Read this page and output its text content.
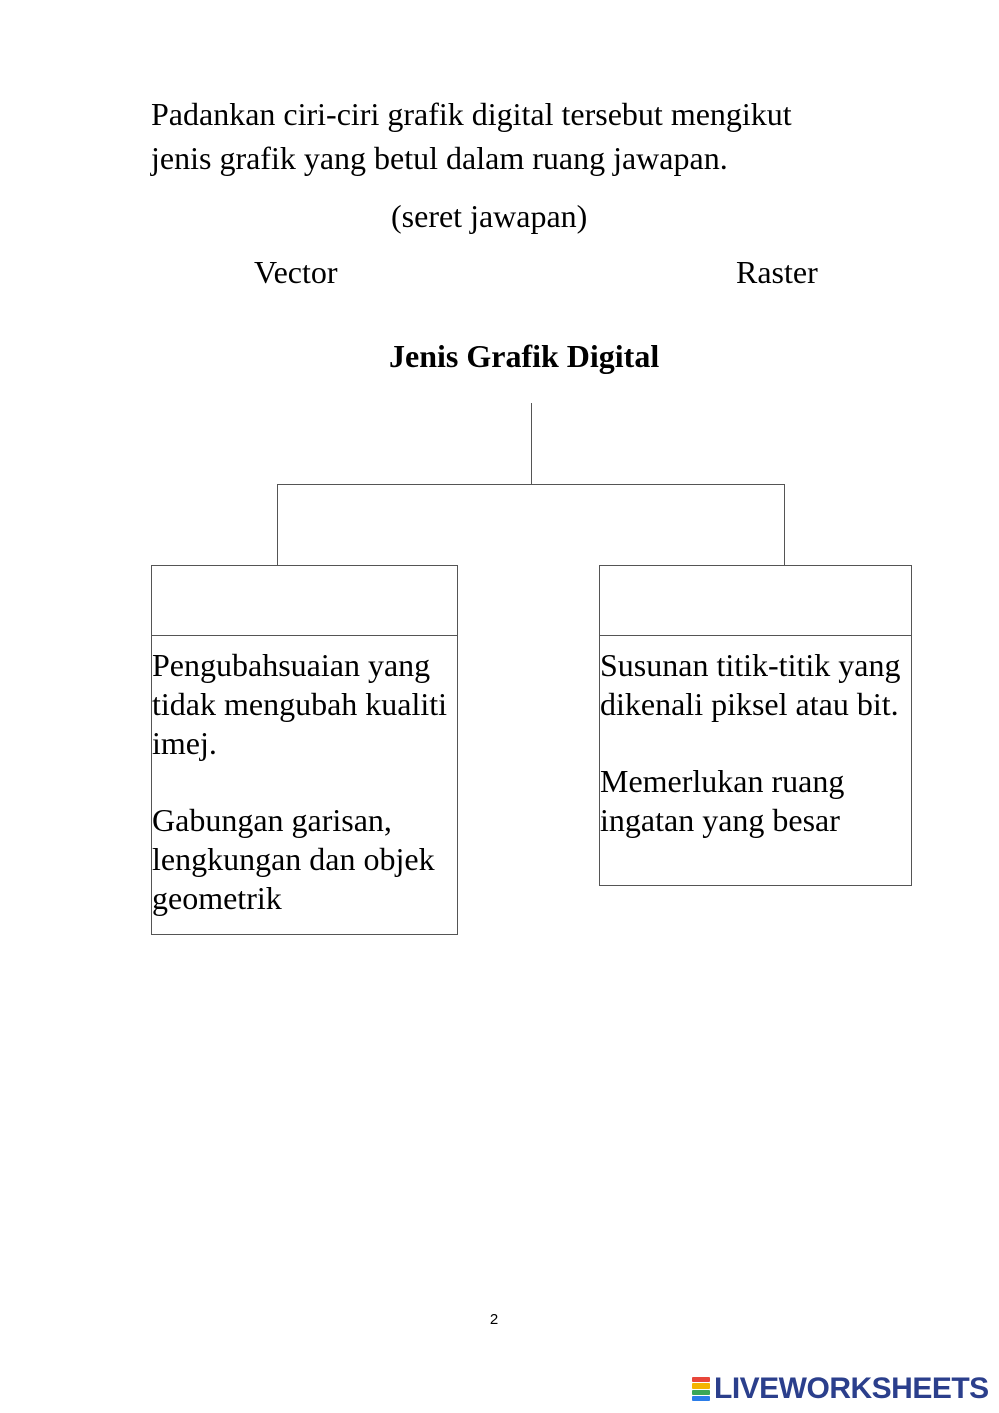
Padankan ciri-ciri grafik digital tersebut mengikut
jenis grafik yang betul dalam ruang jawapan.
(seret jawapan)
Vector	Raster
Jenis Grafik Digital

Pengubahsuaian yang tidak mengubah kualiti imej.

Gabungan garisan, lengkungan dan objek geometrik

Susunan titik-titik yang dikenali piksel atau bit.

Memerlukan ruang ingatan yang besar

2
LIVEWORKSHEETS
